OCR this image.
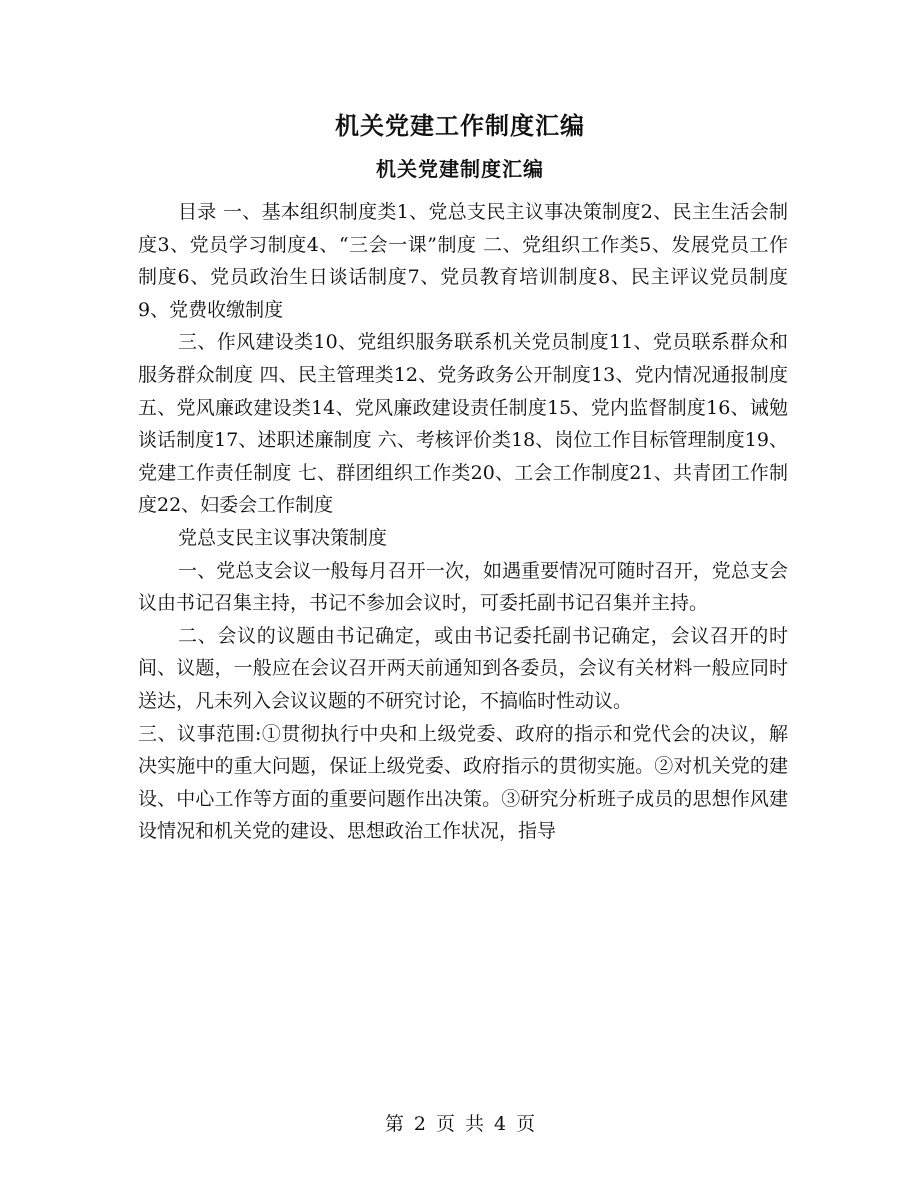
机关党建工作制度汇编
机关党建制度汇编

目录 一、基本组织制度类1、党总支民主议事决策制度2、民主生活会制度3、党员学习制度4、“三会一课”制度 二、党组织工作类5、发展党员工作制度6、党员政治生日谈话制度7、党员教育培训制度8、民主评议党员制度9、党费收缴制度

三、作风建设类10、党组织服务联系机关党员制度11、党员联系群众和服务群众制度 四、民主管理类12、党务政务公开制度13、党内情况通报制度 五、党风廉政建设类14、党风廉政建设责任制度15、党内监督制度16、诫勉谈话制度17、述职述廉制度 六、考核评价类18、岗位工作目标管理制度19、党建工作责任制度 七、群团组织工作类20、工会工作制度21、共青团工作制度22、妇委会工作制度

党总支民主议事决策制度

一、党总支会议一般每月召开一次，如遇重要情况可随时召开，党总支会议由书记召集主持，书记不参加会议时，可委托副书记召集并主持。

二、会议的议题由书记确定，或由书记委托副书记确定，会议召开的时间、议题，一般应在会议召开两天前通知到各委员，会议有关材料一般应同时送达，凡未列入会议议题的不研究讨论，不搞临时性动议。

三、议事范围:①贯彻执行中央和上级党委、政府的指示和党代会的决议，解决实施中的重大问题，保证上级党委、政府指示的贯彻实施。②对机关党的建设、中心工作等方面的重要问题作出决策。③研究分析班子成员的思想作风建设情况和机关党的建设、思想政治工作状况，指导

第 2 页 共 4 页
